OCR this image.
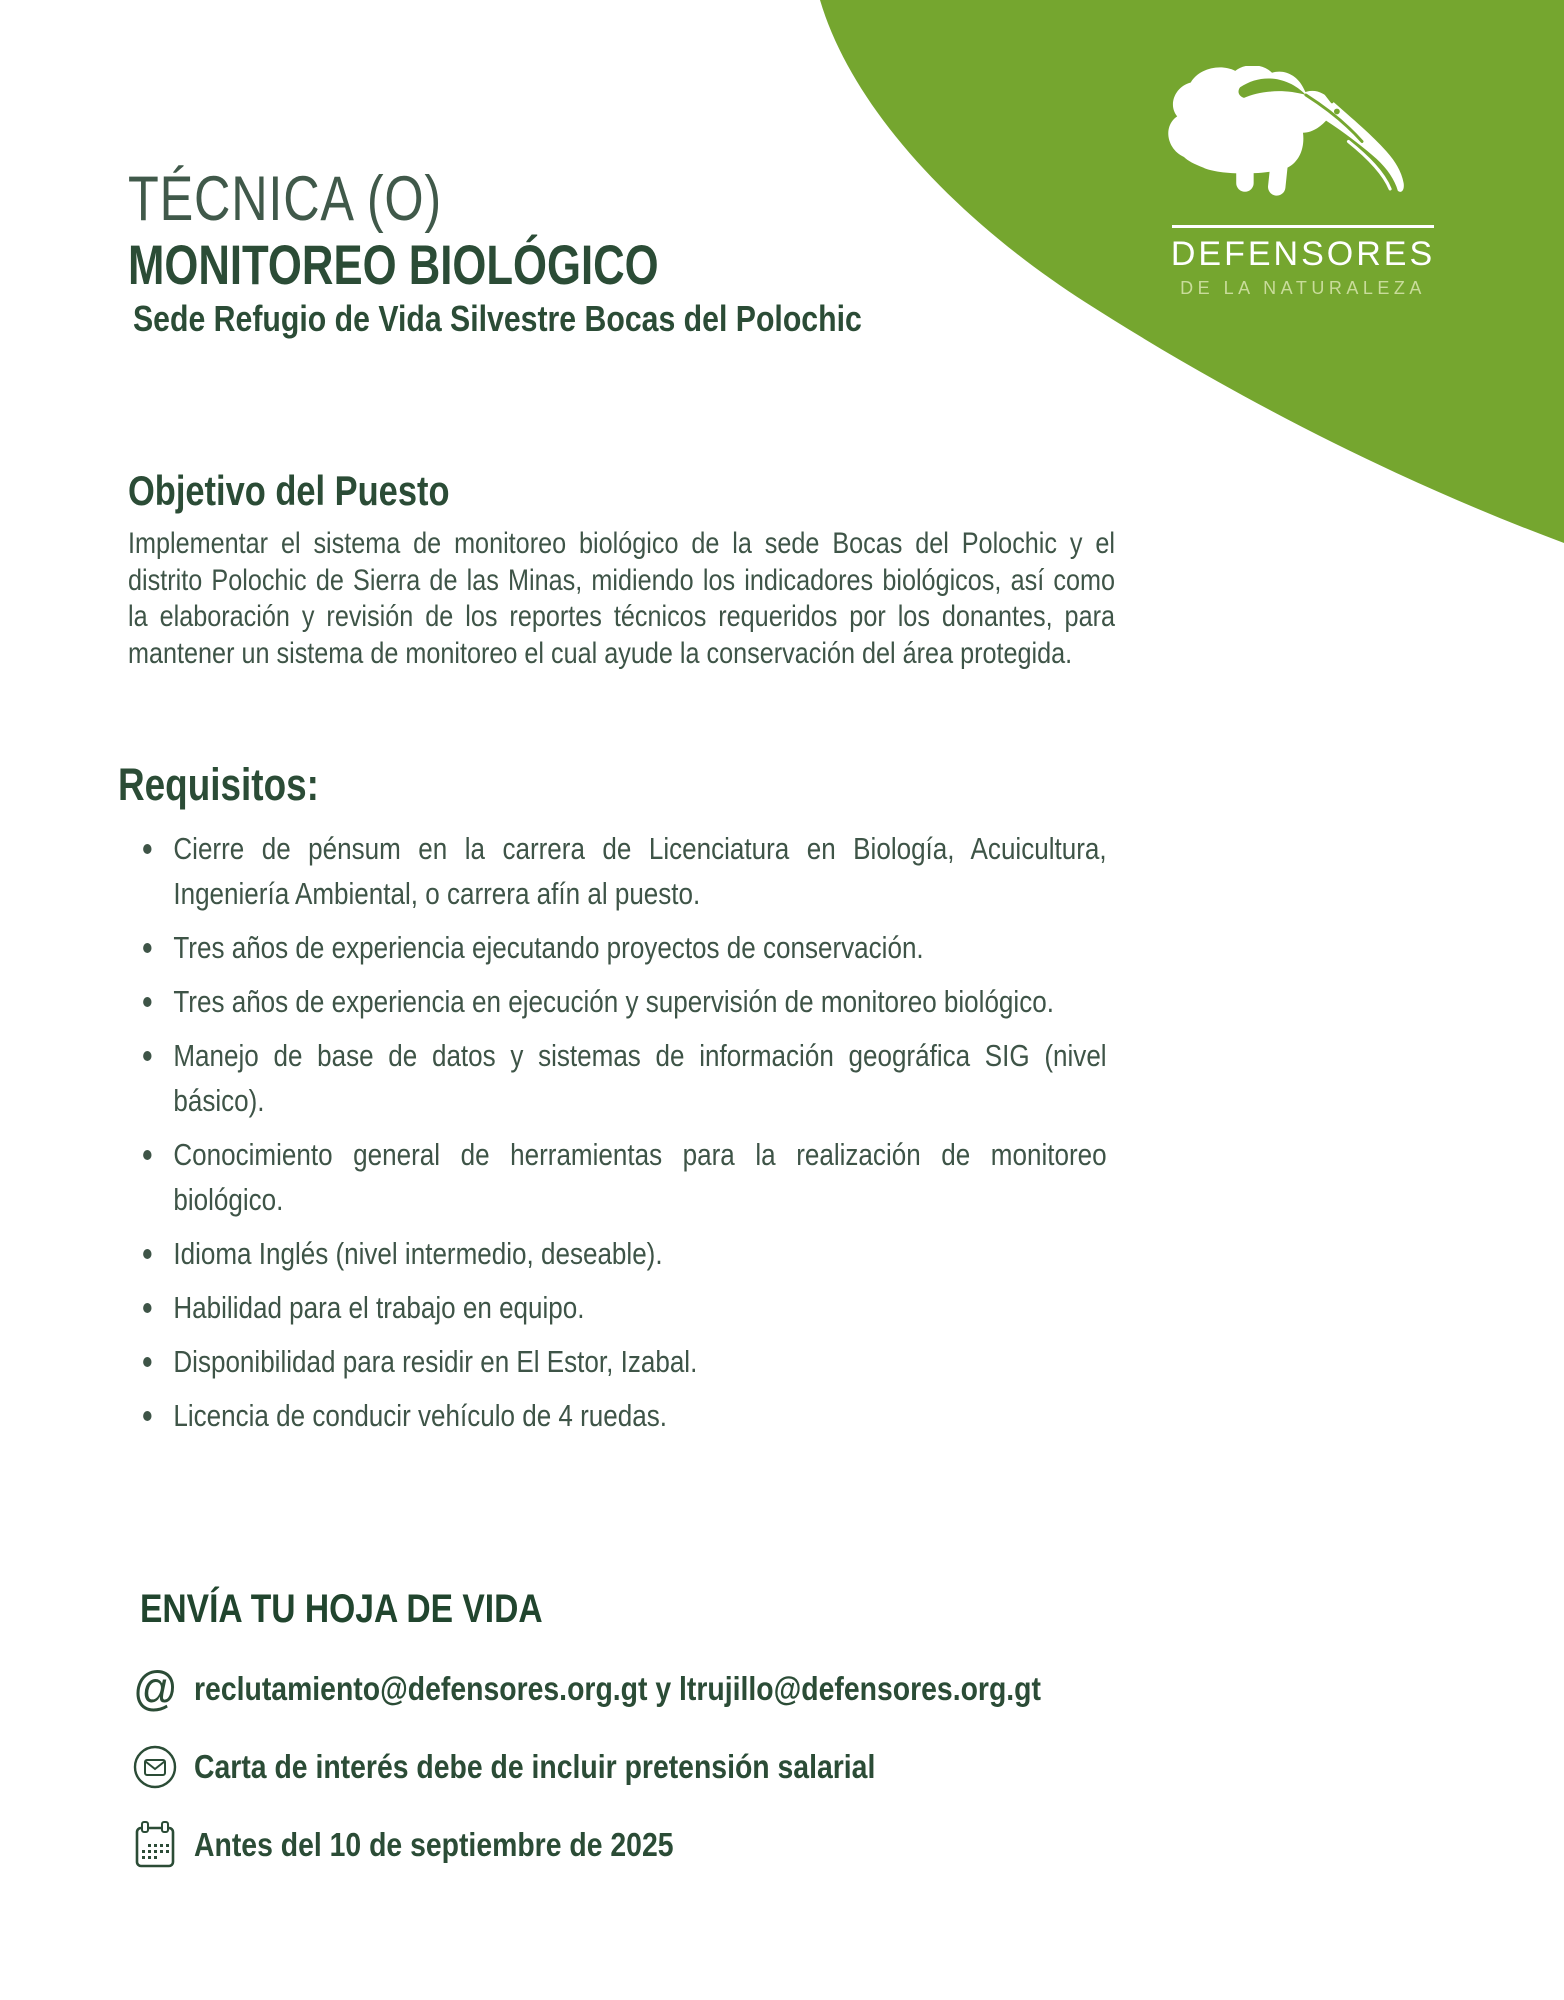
DEFENSORES
DE LA NATURALEZA
TÉCNICA (O)
MONITOREO BIOLÓGICO
Sede Refugio de Vida Silvestre Bocas del Polochic
Objetivo del Puesto
Implementar el sistema de monitoreo biológico de la sede Bocas del Polochic y el distrito Polochic de Sierra de las Minas, midiendo los indicadores biológicos, así como la elaboración y revisión de los reportes técnicos requeridos por los donantes, para mantener un sistema de monitoreo el cual ayude la conservación del área protegida.
Requisitos:
Cierre de pénsum en la carrera de Licenciatura en Biología, Acuicultura, Ingeniería Ambiental, o carrera afín al puesto.
Tres años de experiencia ejecutando proyectos de conservación.
Tres años de experiencia en ejecución y supervisión de monitoreo biológico.
Manejo de base de datos y sistemas de información geográfica SIG (nivel básico).
Conocimiento general de herramientas para la realización de monitoreo biológico.
Idioma Inglés (nivel intermedio, deseable).
Habilidad para el trabajo en equipo.
Disponibilidad para residir en El Estor, Izabal.
Licencia de conducir vehículo de 4 ruedas.
ENVÍA TU HOJA DE VIDA
@ reclutamiento@defensores.org.gt y ltrujillo@defensores.org.gt
Carta de interés debe de incluir pretensión salarial
Antes del 10 de septiembre de 2025
